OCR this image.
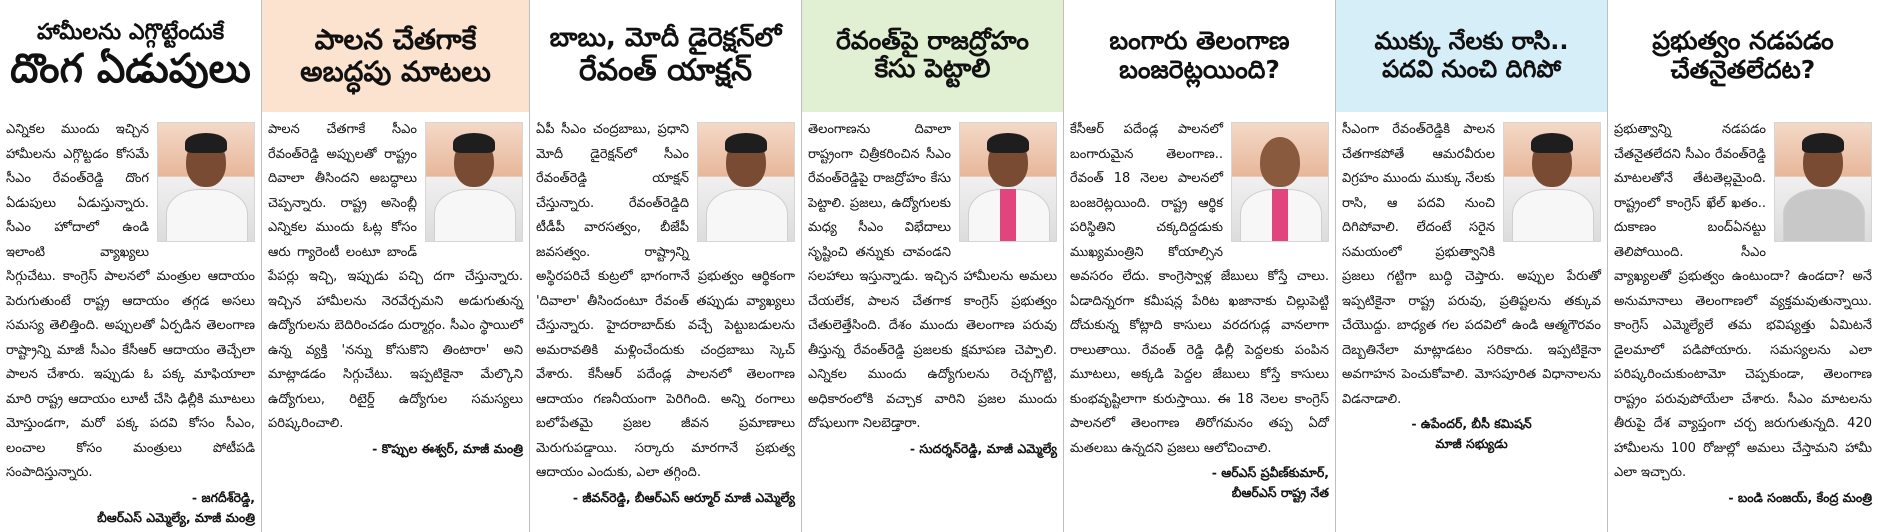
హామీలను ఎగ్గొట్టేందుకే
దొంగ ఏడుపులు
ఎన్నికల ముందు ఇచ్చిన హామీలను ఎగ్గొట్టడం కోసమే సీఎం రేవంత్‌రెడ్డి దొంగ ఏడుపులు ఏడుస్తున్నారు. సీఎం హోదాలో ఉండి ఇలాంటి వ్యాఖ్యలు సిగ్గుచేటు. కాంగ్రెస్ పాలనలో మంత్రుల ఆదాయం పెరుగుతుంటే రాష్ట్ర ఆదాయం తగ్గడ అసలు సమస్య తెలిత్తింది. అప్పులతో ఏర్పడిన తెలంగాణ రాష్ట్రాన్ని మాజీ సీఎం కేసీఆర్ ఆదాయం తెచ్చేలా పాలన చేశారు. ఇప్పుడు ఓ పక్క మాఫియాలా మారి రాష్ట్ర ఆదాయం లూటీ చేసి ఢిల్లీకి మూటలు మోస్తుండగా, మరో పక్క పదవి కోసం సీఎం, లంచాల కోసం మంత్రులు పోటీపడి సంపాదిస్తున్నారు.
- జగదీశ్‌రెడ్డి,
బీఆర్ఎస్ ఎమ్మెల్యే, మాజీ మంత్రి
పాలన చేతగాకే
అబద్ధపు మాటలు
పాలన చేతగాకే సీఎం రేవంత్‌రెడ్డి అప్పులతో రాష్ట్రం దివాలా తీసిందని అబద్ధాలు చెప్పన్నారు. రాష్ట్ర అసెంబ్లీ ఎన్నికల ముందు ఓట్ల కోసం ఆరు గ్యారెంటీ లంటూ బాండ్ పేపర్లు ఇచ్చి, ఇప్పుడు పచ్చి దగా చేస్తున్నారు. ఇచ్చిన హామీలను నెరవేర్చమని అడుగుతున్న ఉద్యోగులను బెదిరించడం దుర్మార్గం. సీఎం స్థాయిలో ఉన్న వ్యక్తి 'నన్ను కోసుకొని తింటారా' అని మాట్లాడడం సిగ్గుచేటు. ఇప్పటికైనా మేల్కొని ఉద్యోగులు, రిటైర్డ్ ఉద్యోగుల సమస్యలు పరిష్కరించాలి.
- కొప్పుల ఈశ్వర్, మాజీ మంత్రి
బాబు, మోదీ డైరెక్షన్‌లో
రేవంత్ యాక్షన్
ఏపీ సీఎం చంద్రబాబు, ప్రధాని మోదీ డైరెక్షన్‌లో సీఎం రేవంత్‌రెడ్డి యాక్షన్ చేస్తున్నారు. రేవంత్‌రెడ్డిది టీడీపీ వారసత్వం, బీజేపీ జవసత్వం. రాష్ట్రాన్ని అస్థిరపరిచే కుట్రలో భాగంగానే ప్రభుత్వం ఆర్థికంగా 'దివాలా' తీసిందంటూ రేవంత్ తప్పుడు వ్యాఖ్యలు చేస్తున్నారు. హైదరాబాద్‌కు వచ్చే పెట్టుబడులను అమరావతికి మళ్లించేందుకు చంద్రబాబు స్కెచ్ వేశారు. కేసీఆర్ పదేండ్ల పాలనలో తెలంగాణ ఆదాయం గణనీయంగా పెరిగింది. అన్ని రంగాలు బలోపేతమై ప్రజల జీవన ప్రమాణాలు మెరుగుపడ్డాయి. సర్కారు మారగానే ప్రభుత్వ ఆదాయం ఎందుకు, ఎలా తగ్గింది.
- జీవన్‌రెడ్డి, బీఆర్ఎస్ ఆర్మూర్ మాజీ ఎమ్మెల్యే
రేవంత్‌పై రాజద్రోహం
కేసు పెట్టాలి
తెలంగాణను దివాలా రాష్ట్రంగా చిత్రీకరించిన సీఎం రేవంత్‌రెడ్డిపై రాజద్రోహం కేసు పెట్టాలి. ప్రజలు, ఉద్యోగులకు మధ్య సీఎం విభేదాలు సృష్టించి తన్నుకు చావండని సలహాలు ఇస్తున్నాడు. ఇచ్చిన హామీలను అమలు చేయలేక, పాలన చేతగాక కాంగ్రెస్ ప్రభుత్వం చేతులెత్తేసింది. దేశం ముందు తెలంగాణ పరువు తీస్తున్న రేవంత్‌రెడ్డి ప్రజలకు క్షమాపణ చెప్పాలి. ఎన్నికల ముందు ఉద్యోగులను రెచ్చగొట్టి, అధికారంలోకి వచ్చాక వారిని ప్రజల ముందు దోషులుగా నిలబెడ్తారా.
- సుదర్శన్‌రెడ్డి, మాజీ ఎమ్మెల్యే
బంగారు తెలంగాణ
బంజరెట్లయింది?
కేసీఆర్ పదేండ్ల పాలనలో బంగారుమైన తెలంగాణ.. రేవంత్ 18 నెలల పాలనలో బంజరెట్లయింది. రాష్ట్ర ఆర్థిక పరిస్థితిని చక్కదిద్దడుకు ముఖ్యమంత్రిని కోయాల్సిన అవసరం లేదు. కాంగ్రెస్వాళ్ల జేబులు కోస్తే చాలు. ఏడాదిన్నరగా కమీషన్ల పేరిట ఖజానాకు చిల్లుపెట్టి దోచుకున్న కోట్లాది కాసులు వరదగుడ్ల వానలాగా రాలుతాయి. రేవంత్ రెడ్డి ఢిల్లీ పెద్దలకు పంపిన మూటలు, అక్కడి పెద్దల జేబులు కోస్తే కాసులు కుంభవృష్టిలాగా కురుస్తాయి. ఈ 18 నెలల కాంగ్రెస్ పాలనలో తెలంగాణ తిరోగమనం తప్ప ఏదో మతలబు ఉన్నదని ప్రజలు ఆలోచించాలి.
- ఆర్ఎస్ ప్రవీణ్‌కుమార్,
బీఆర్ఎస్ రాష్ట్ర నేత
ముక్కు నేలకు రాసి..
పదవి నుంచి దిగిపో
సీఎంగా రేవంత్‌రెడ్డికి పాలన చేతగాకపోతే ఆమరవీరుల విగ్రహం ముందు ముక్కు నేలకు రాసి, ఆ పదవి నుంచి దిగిపోవాలి. లేదంటే సరైన సమయంలో ప్రభుత్వానికి ప్రజలు గట్టిగా బుద్ధి చెప్తారు. అప్పుల పేరుతో ఇప్పటికైనా రాష్ట్ర పరువు, ప్రతిష్టలను తక్కువ చేయొద్దు. బాధ్యత గల పదవిలో ఉండి ఆత్మగౌరవం దెబ్బతినేలా మాట్లాడటం సరికాదు. ఇప్పటికైనా అవగాహన పెంచుకోవాలి. మోసపూరిత విధానాలను విడనాడాలి.
- ఉపేందర్, బీసీ కమిషన్
మాజీ సభ్యుడు
ప్రభుత్వం నడపడం
చేతనైతలేదట?
ప్రభుత్వాన్ని నడపడం చేతనైతలేదని సీఎం రేవంత్‌రెడ్డి మాటలతోనే తేటతెల్లమైంది. రాష్ట్రంలో కాంగ్రెస్ ఖేల్ ఖతం.. దుకాణం బంద్‌ఏనట్టు తెలిపోయింది. సీఎం వ్యాఖ్యలతో ప్రభుత్వం ఉంటుందా? ఉండదా? అనే అనుమానాలు తెలంగాణలో వ్యక్తమవుతున్నాయి. కాంగ్రెస్ ఎమ్మెల్యేలే తమ భవిష్యత్తు ఏమిటనే డైలమాలో పడిపోయారు. సమస్యలను ఎలా పరిష్కరించుకుంటామో చెప్పకుండా, తెలంగాణ రాష్ట్రం పరువుపోయేలా చేశారు. సీఎం మాటలను తీరుపై దేశ వ్యాప్తంగా చర్చ జరుగుతున్నది. 420 హామీలను 100 రోజుల్లో అమలు చేస్తామని హామీ ఎలా ఇచ్చారు.
- బండి సంజయ్, కేంద్ర మంత్రి
